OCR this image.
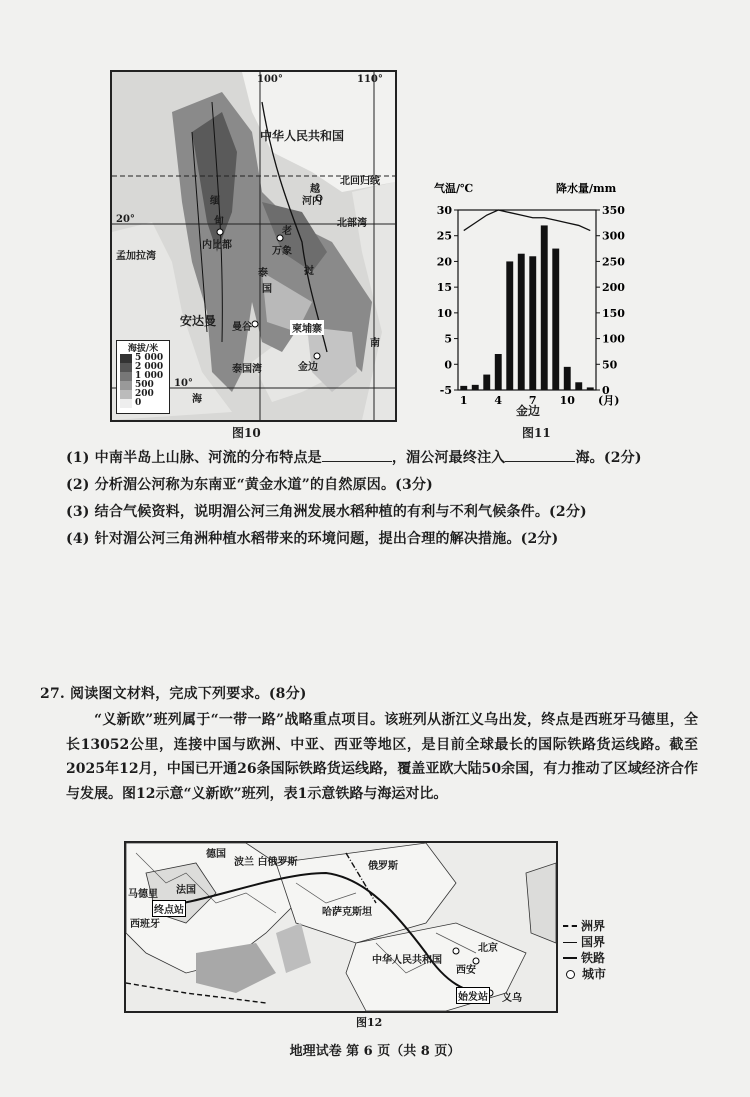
100°	110°
20°
10°
中华人民共和国
北回归线
北部湾
孟加拉湾
河内
万象
内比都
曼谷
金边
柬埔寨
泰国湾
安达曼
海
南
缅
甸
老
挝
泰
国
越
海拔/米
5 000
2 000
1 000
500
200
0
图10
气温/℃	降水量/mm
30
25
20
15
10
5
0
-5
350
300
250
200
150
100
50
0
1 4 7 10 (月)
金边
图11
(1) 中南半岛上山脉、河流的分布特点是	，湄公河最终注入	海。(2分)
(2) 分析湄公河称为东南亚“黄金水道”的自然原因。(3分)
(3) 结合气候资料，说明湄公河三角洲发展水稻种植的有利与不利气候条件。(2分)
(4) 针对湄公河三角洲种植水稻带来的环境问题，提出合理的解决措施。(2分)
27. 阅读图文材料，完成下列要求。(8分)
“义新欧”班列属于“一带一路”战略重点项目。该班列从浙江义乌出发，终点是西班牙马德里，全长13052公里，连接中国与欧洲、中亚、西亚等地区，是目前全球最长的国际铁路货运线路。截至2025年12月，中国已开通26条国际铁路货运线路，覆盖亚欧大陆50余国，有力推动了区域经济合作与发展。图12示意“义新欧”班列，表1示意铁路与海运对比。
德国
波兰 白俄罗斯	俄罗斯
马德里 法国
终点站
西班牙
哈萨克斯坦
北京
中华人民共和国
西安
始发站 义乌
洲界
国界
铁路
城市
图12
地理试卷 第 6 页（共 8 页）
